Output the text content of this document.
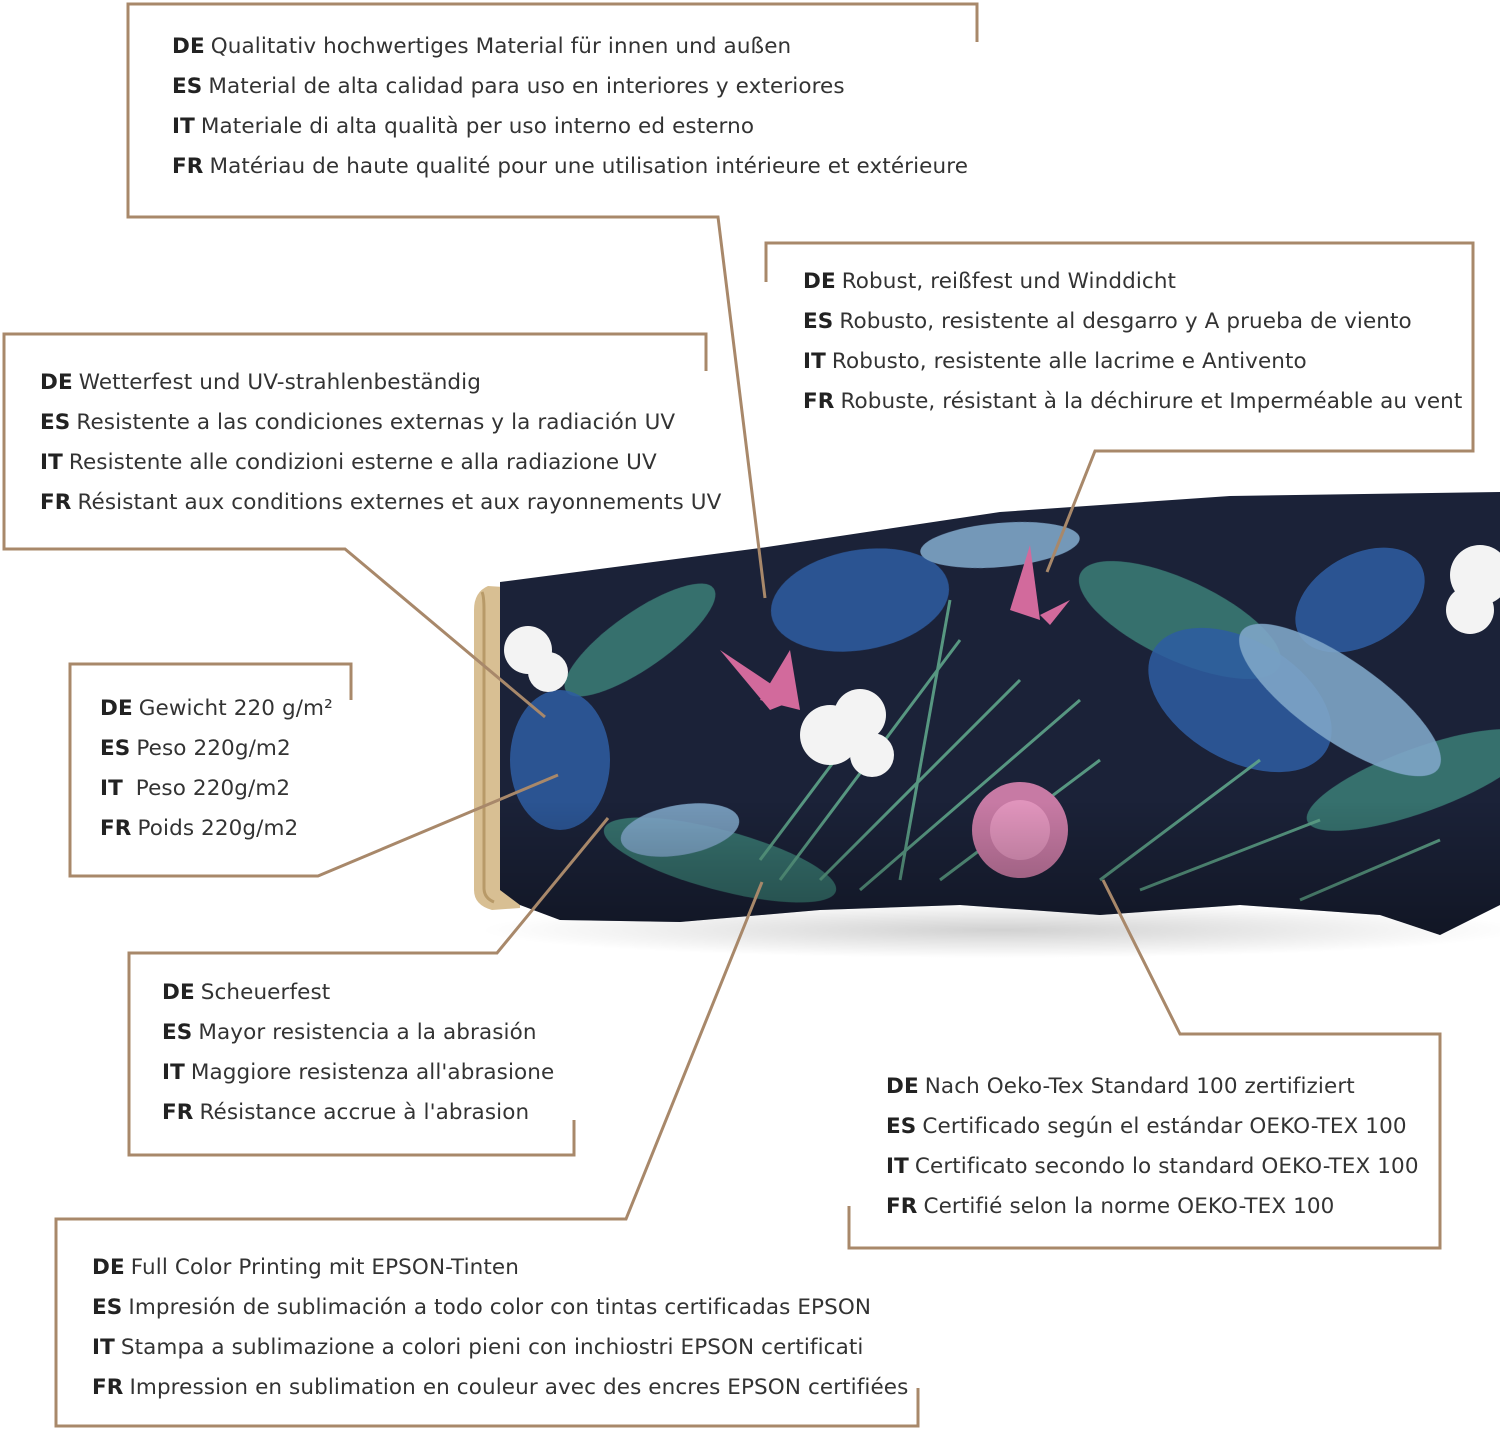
DE Qualitativ hochwertiges Material für innen und außen
ES Material de alta calidad para uso en interiores y exteriores
IT Materiale di alta qualità per uso interno ed esterno
FR Matériau de haute qualité pour une utilisation intérieure et extérieure
DE Robust, reißfest und Winddicht
ES Robusto, resistente al desgarro y A prueba de viento
IT Robusto, resistente alle lacrime e Antivento
FR Robuste, résistant à la déchirure et Imperméable au vent
DE Wetterfest und UV-strahlenbeständig
ES Resistente a las condiciones externas y la radiación UV
IT Resistente alle condizioni esterne e alla radiazione UV
FR Résistant aux conditions externes et aux rayonnements UV
DE Gewicht 220 g/m²
ES Peso 220g/m2
IT Peso 220g/m2
FR Poids 220g/m2
DE Scheuerfest
ES Mayor resistencia a la abrasión
IT Maggiore resistenza all'abrasione
FR Résistance accrue à l'abrasion
DE Nach Oeko-Tex Standard 100 zertifiziert
ES Certificado según el estándar OEKO-TEX 100
IT Certificato secondo lo standard OEKO-TEX 100
FR Certifié selon la norme OEKO-TEX 100
DE Full Color Printing mit EPSON-Tinten
ES Impresión de sublimación a todo color con tintas certificadas EPSON
IT Stampa a sublimazione a colori pieni con inchiostri EPSON certificati
FR Impression en sublimation en couleur avec des encres EPSON certifiées
